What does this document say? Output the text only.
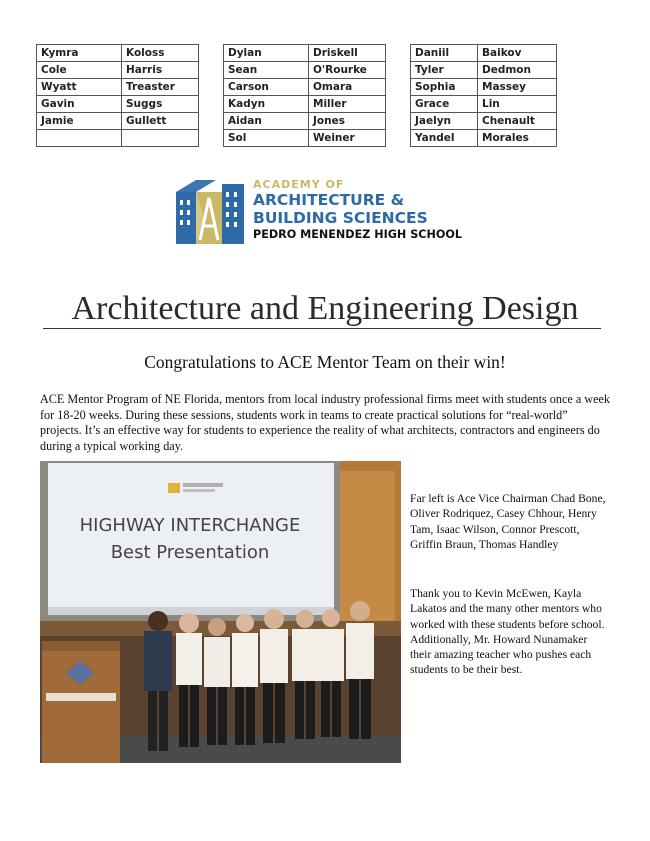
Kymra	Koloss		Dylan	Driskell		Daniil	Baikov
Cole	Harris		Sean	O'Rourke		Tyler	Dedmon
Wyatt	Treaster		Carson	Omara		Sophia	Massey
Gavin	Suggs		Kadyn	Miller		Grace	Lin
Jamie	Gullett		Aidan	Jones		Jaelyn	Chenault
			Sol	Weiner		Yandel	Morales
ACADEMY OF
ARCHITECTURE &
BUILDING SCIENCES
PEDRO MENENDEZ HIGH SCHOOL
Architecture and Engineering Design
Congratulations to ACE Mentor Team on their win!
ACE Mentor Program of NE Florida, mentors from local industry professional firms meet with students once a week for 18-20 weeks. During these sessions, students work in teams to create practical solutions for “real-world” projects. It’s an effective way for students to experience the reality of what architects, contractors and engineers do during a typical working day.
HIGHWAY INTERCHANGE
Best Presentation
Far left is Ace Vice Chairman Chad Bone, Oliver Rodriquez, Casey Chhour, Henry Tam, Isaac Wilson, Connor Prescott, Griffin Braun, Thomas Handley
Thank you to Kevin McEwen, Kayla Lakatos and the many other mentors who worked with these students before school. Additionally, Mr. Howard Nunamaker their amazing teacher who pushes each students to be their best.
